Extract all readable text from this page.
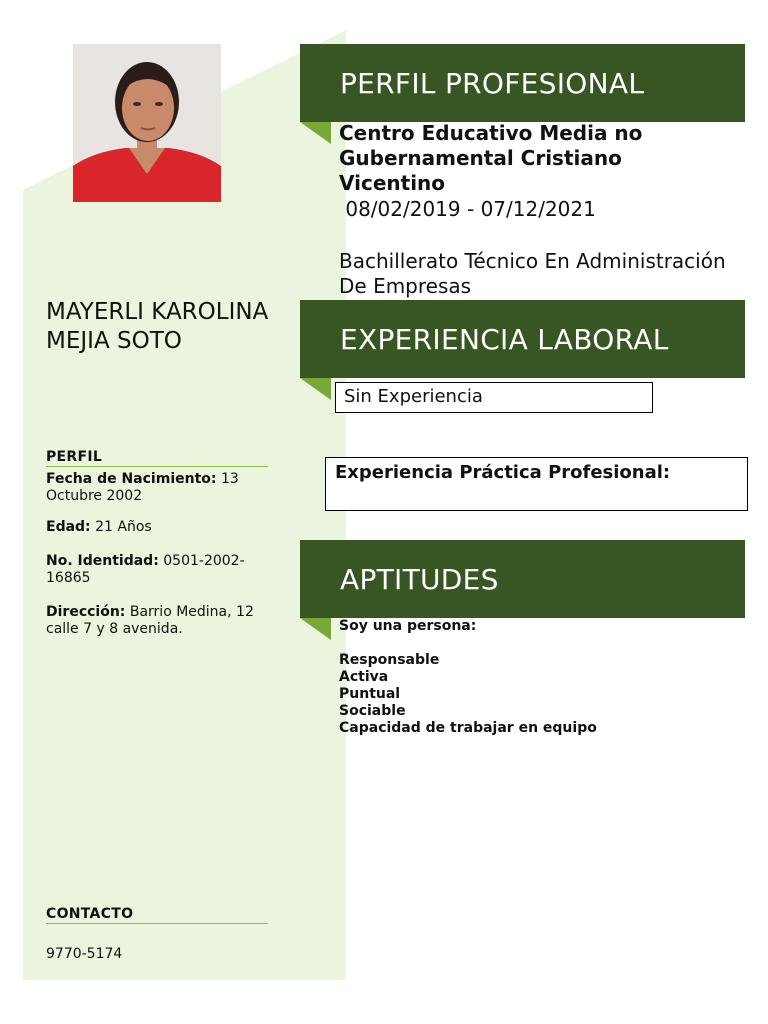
MAYERLI KAROLINA MEJIA SOTO
PERFIL
Fecha de Nacimiento: 13 Octubre 2002
Edad: 21 Años
No. Identidad: 0501-2002-16865
Dirección: Barrio Medina, 12 calle 7 y 8 avenida.
CONTACTO
9770-5174
PERFIL PROFESIONAL
Centro Educativo Media no Gubernamental Cristiano Vicentino
08/02/2019 - 07/12/2021
Bachillerato Técnico En Administración De Empresas
EXPERIENCIA LABORAL
Sin Experiencia
Experiencia Práctica Profesional:
APTITUDES
Soy una persona:
Responsable
Activa
Puntual
Sociable
Capacidad de trabajar en equipo
